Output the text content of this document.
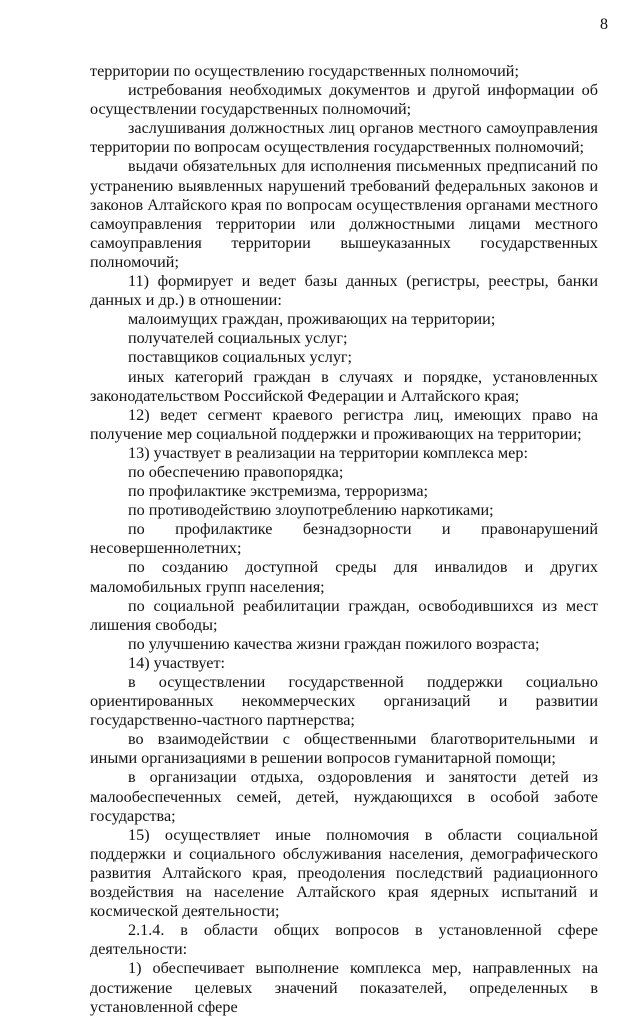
8

территории по осуществлению государственных полномочий;

истребования необходимых документов и другой информации об осуществлении государственных полномочий;

заслушивания должностных лиц органов местного самоуправления территории по вопросам осуществления государственных полномочий;

выдачи обязательных для исполнения письменных предписаний по устранению выявленных нарушений требований федеральных законов и законов Алтайского края по вопросам осуществления органами местного самоуправления территории или должностными лицами местного самоуправления территории вышеуказанных государственных полномочий;

11) формирует и ведет базы данных (регистры, реестры, банки данных и др.) в отношении:

малоимущих граждан, проживающих на территории;

получателей социальных услуг;

поставщиков социальных услуг;

иных категорий граждан в случаях и порядке, установленных законодательством Российской Федерации и Алтайского края;

12) ведет сегмент краевого регистра лиц, имеющих право на получение мер социальной поддержки и проживающих на территории;

13) участвует в реализации на территории комплекса мер:

по обеспечению правопорядка;

по профилактике экстремизма, терроризма;

по противодействию злоупотреблению наркотиками;

по профилактике безнадзорности и правонарушений несовершеннолетних;

по созданию доступной среды для инвалидов и других маломобильных групп населения;

по социальной реабилитации граждан, освободившихся из мест лишения свободы;

по улучшению качества жизни граждан пожилого возраста;

14) участвует:

в осуществлении государственной поддержки социально ориентированных некоммерческих организаций и развитии государственно-частного партнерства;

во взаимодействии с общественными благотворительными и иными организациями в решении вопросов гуманитарной помощи;

в организации отдыха, оздоровления и занятости детей из малообеспеченных семей, детей, нуждающихся в особой заботе государства;

15) осуществляет иные полномочия в области социальной поддержки и социального обслуживания населения, демографического развития Алтайского края, преодоления последствий радиационного воздействия на население Алтайского края ядерных испытаний и космической деятельности;

2.1.4. в области общих вопросов в установленной сфере деятельности:

1) обеспечивает выполнение комплекса мер, направленных на достижение целевых значений показателей, определенных в установленной сфере
